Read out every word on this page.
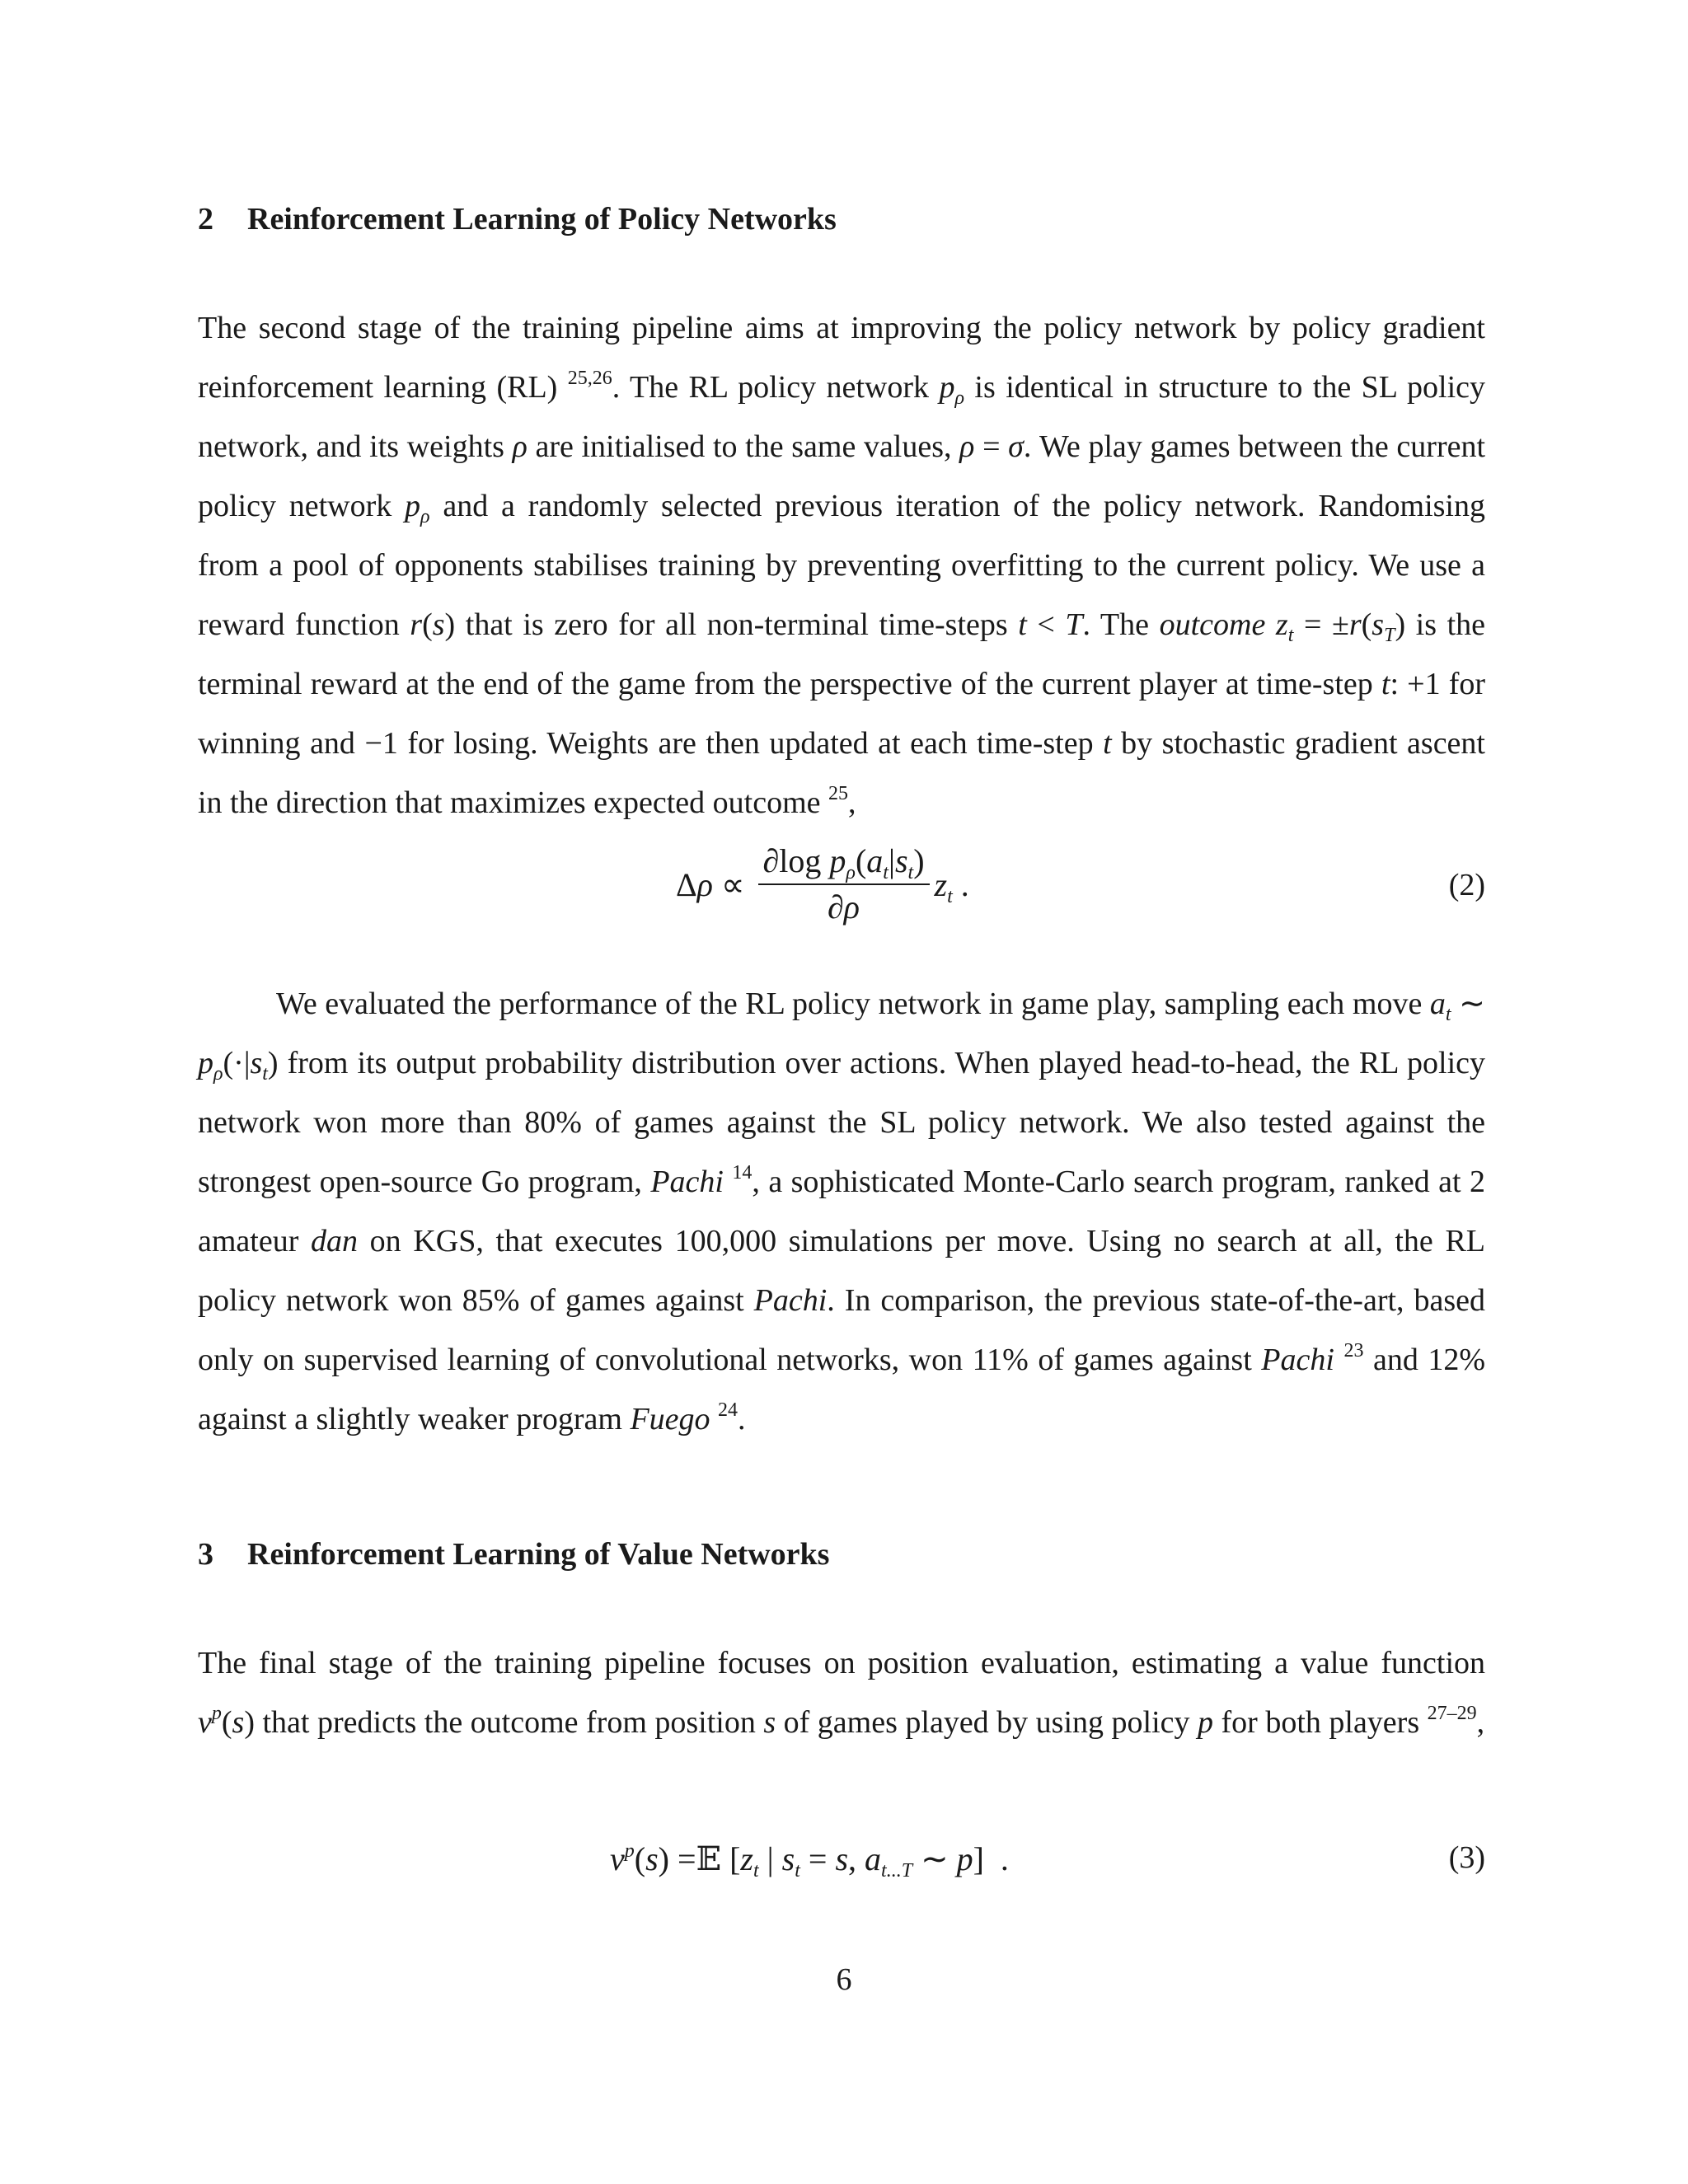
2 Reinforcement Learning of Policy Networks

The second stage of the training pipeline aims at improving the policy network by policy gradient reinforcement learning (RL) $^{25,26}$. The RL policy network $p_\rho$ is identical in structure to the SL policy network, and its weights ρ are initialised to the same values, ρ = σ. We play games between the current policy network $p_\rho$ and a randomly selected previous iteration of the policy network. Randomising from a pool of opponents stabilises training by preventing overfitting to the current policy. We use a reward function r(s) that is zero for all non-terminal time-steps t < T. The outcome $z_t = \pm r(s_T)$ is the terminal reward at the end of the game from the perspective of the current player at time-step t: +1 for winning and −1 for losing. Weights are then updated at each time-step t by stochastic gradient ascent in the direction that maximizes expected outcome $^{25}$,

Δ ρ
∝
$\frac{\partial\log p_\rho(a_t|s_t)}{\partial\rho} z_t$ .	(2)

We evaluated the performance of the RL policy network in game play, sampling each move $a_t$ ∼ $p_\rho(\cdot|s_t)$ from its output probability distribution over actions. When played head-to-head, the RL policy network won more than 80% of games against the SL policy network. We also tested against the strongest open-source Go program, Pachi $^{14}$, a sophisticated Monte-Carlo search program, ranked at 2 amateur dan on KGS, that executes 100,000 simulations per move. Using no search at all, the RL policy network won 85% of games against Pachi. In comparison, the previous state-of-the-art, based only on supervised learning of convolutional networks, won 11% of games against Pachi $^{23}$ and 12% against a slightly weaker program Fuego $^{24}$.

3 Reinforcement Learning of Value Networks

The final stage of the training pipeline focuses on position evaluation, estimating a value function $v^p(s)$ that predicts the outcome from position s of games played by using policy p for both players $^{27-29}$,

$v^p$ ( s ) = 𝔼 [ $z_t$ | $s_t = s$ , $a_{t...T}$ ∼ p ]  .	(3)
6
